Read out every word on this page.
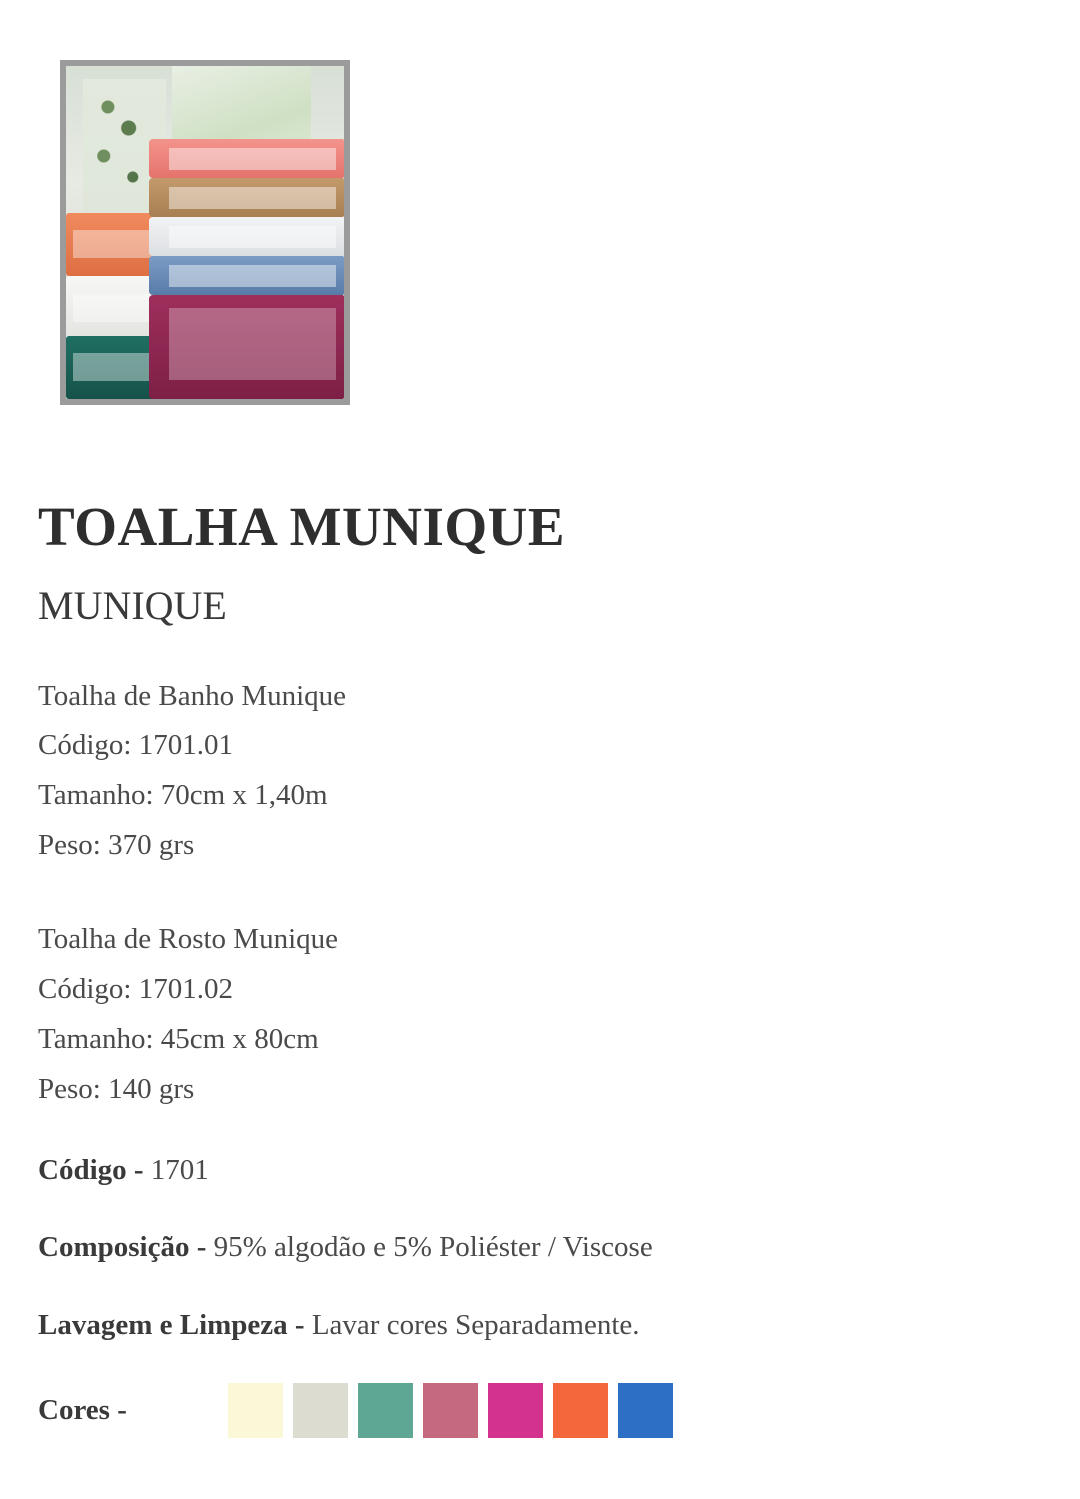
TOALHA MUNIQUE
MUNIQUE
Toalha de Banho Munique
Código: 1701.01
Tamanho: 70cm x 1,40m
Peso: 370 grs
Toalha de Rosto Munique
Código: 1701.02
Tamanho: 45cm x 80cm
Peso: 140 grs
Código - 1701
Composição - 95% algodão e 5% Poliéster / Viscose
Lavagem e Limpeza - Lavar cores Separadamente.
Cores -
